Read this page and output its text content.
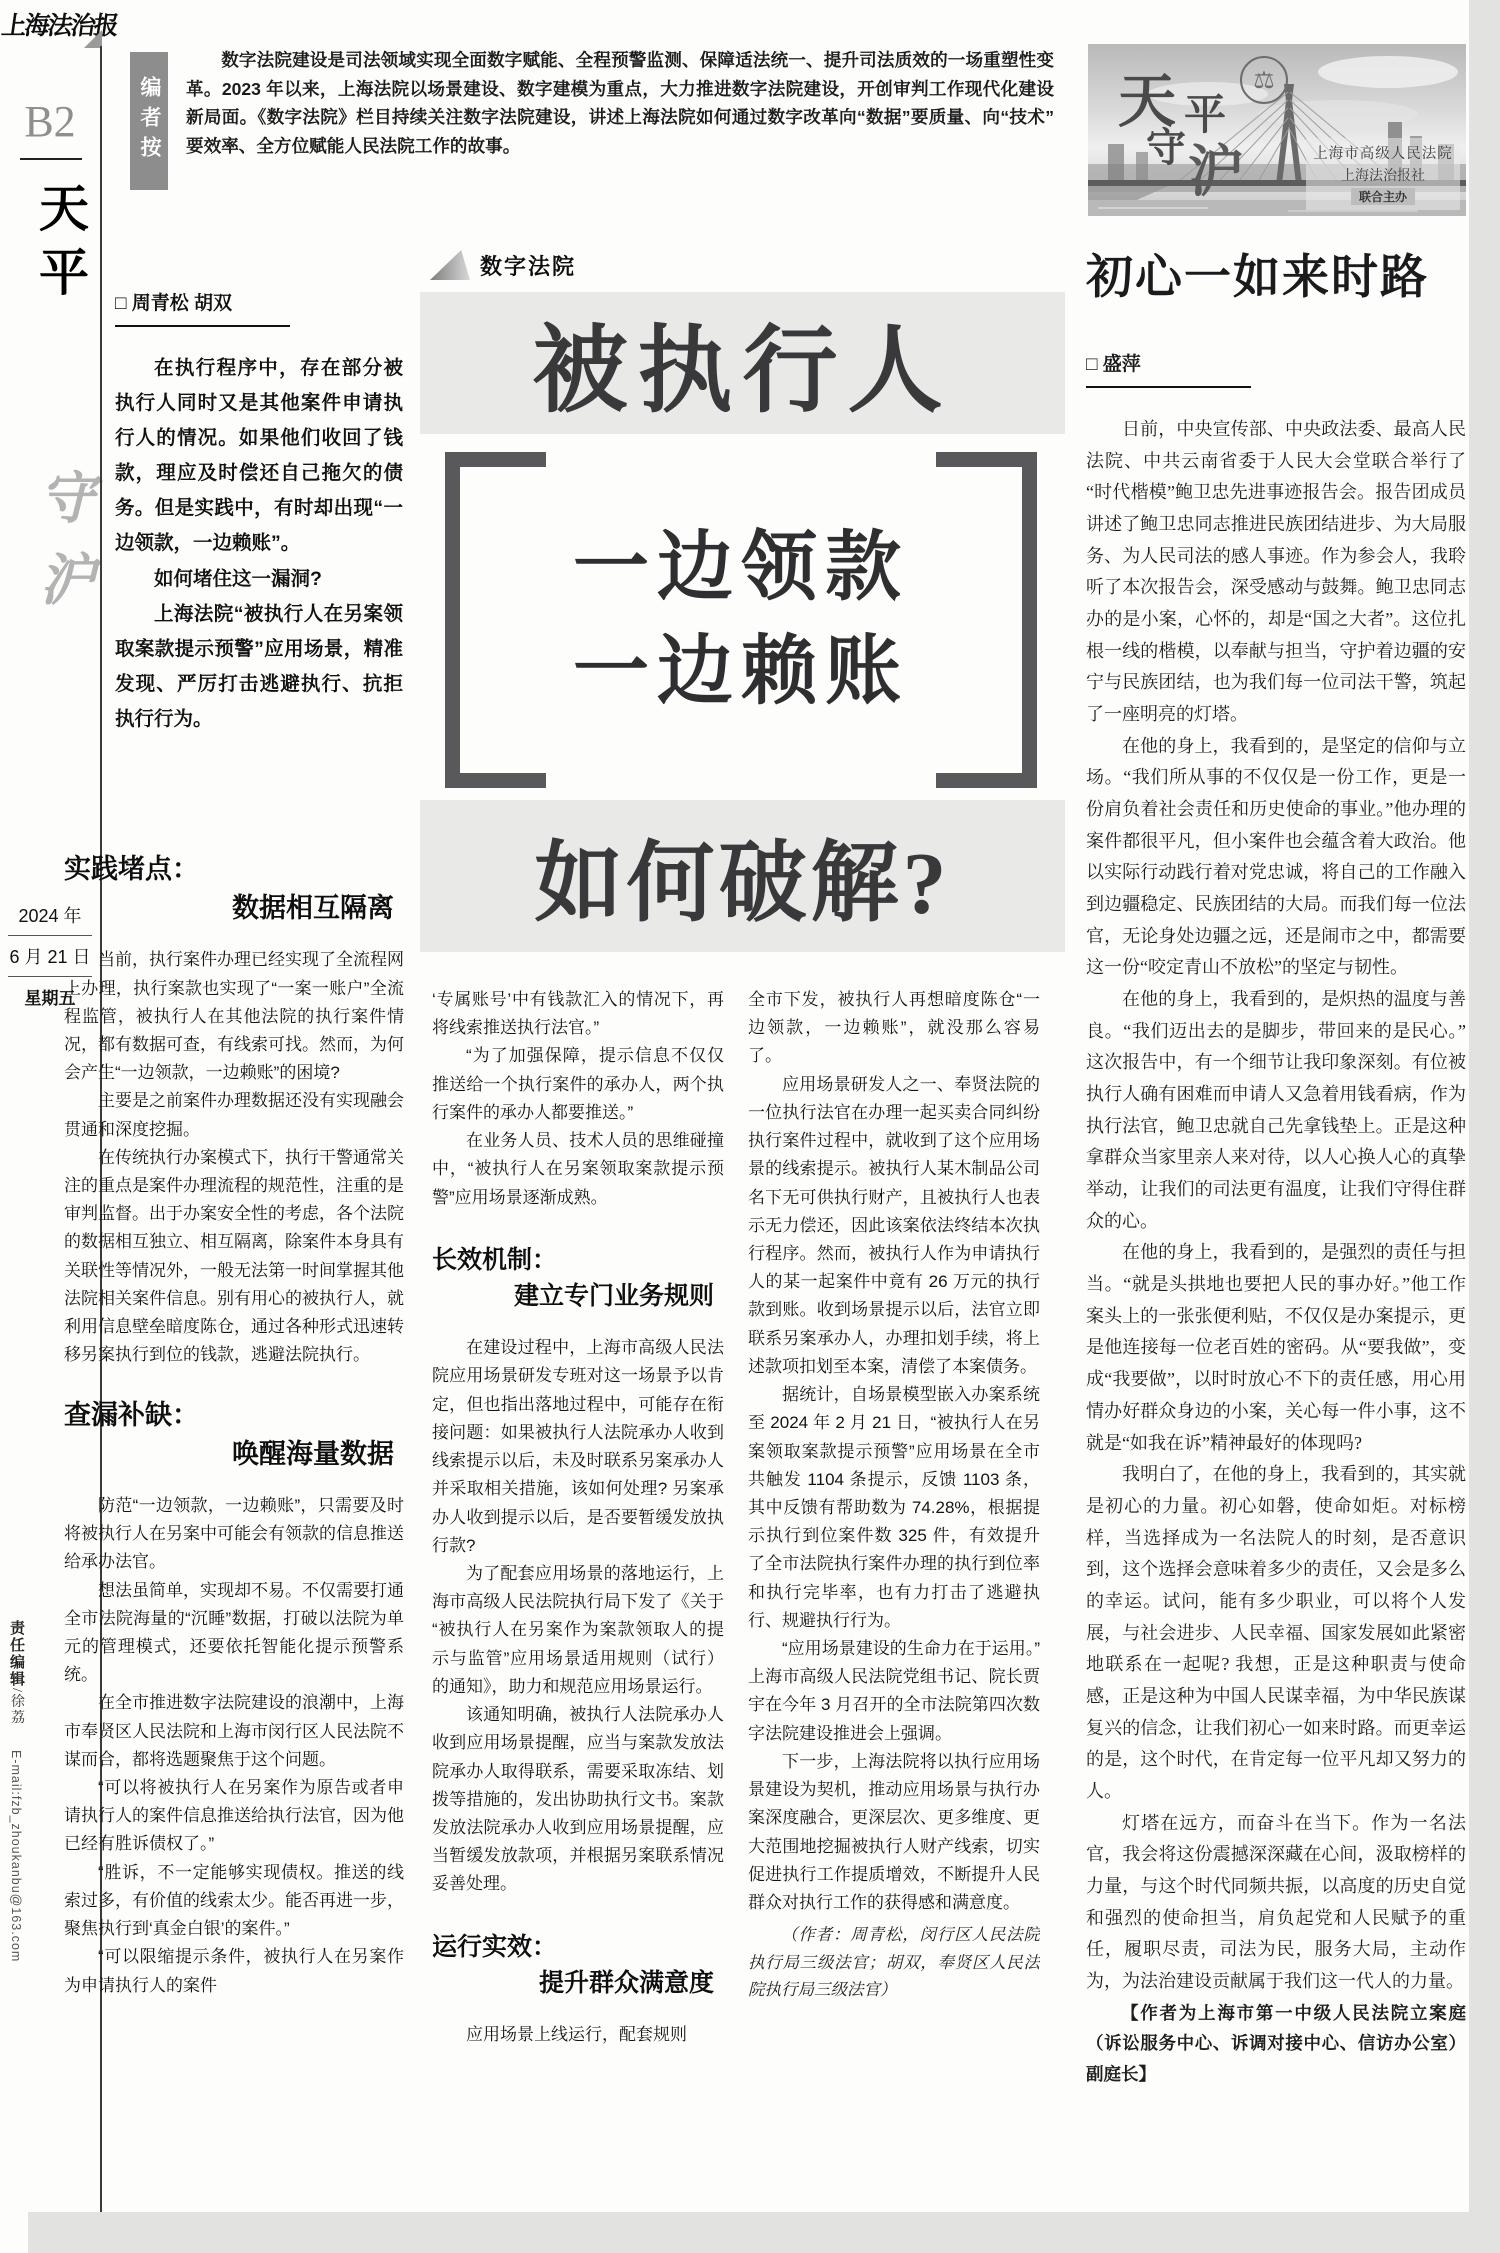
上海法治报
B2
天平
守沪
2024 年
6 月 21 日
星期五
责任编辑/徐荔 E-mail:fzb_zhoukanbu@163.com
编者按
数字法院建设是司法领域实现全面数字赋能、全程预警监测、保障适法统一、提升司法质效的一场重塑性变革。2023 年以来，上海法院以场景建设、数字建模为重点，大力推进数字法院建设，开创审判工作现代化建设新局面。《数字法院》栏目持续关注数字法院建设，讲述上海法院如何通过数字改革向“数据”要质量、向“技术”要效率、全方位赋能人民法院工作的故事。
天 平
守 沪
⚖
上海市高级人民法院
上海法治报社
联合主办
□ 周青松 胡双

在执行程序中，存在部分被执行人同时又是其他案件申请执行人的情况。如果他们收回了钱款，理应及时偿还自己拖欠的债务。但是实践中，有时却出现“一边领款，一边赖账”。

如何堵住这一漏洞?

上海法院“被执行人在另案领取案款提示预警”应用场景，精准发现、严厉打击逃避执行、抗拒执行行为。

实践堵点：
数据相互隔离

当前，执行案件办理已经实现了全流程网上办理，执行案款也实现了“一案一账户”全流程监管，被执行人在其他法院的执行案件情况，都有数据可查，有线索可找。然而，为何会产生“一边领款，一边赖账”的困境?

主要是之前案件办理数据还没有实现融会贯通和深度挖掘。

在传统执行办案模式下，执行干警通常关注的重点是案件办理流程的规范性，注重的是审判监督。出于办案安全性的考虑，各个法院的数据相互独立、相互隔离，除案件本身具有关联性等情况外，一般无法第一时间掌握其他法院相关案件信息。别有用心的被执行人，就利用信息壁垒暗度陈仓，通过各种形式迅速转移另案执行到位的钱款，逃避法院执行。

查漏补缺：
唤醒海量数据

防范“一边领款，一边赖账”，只需要及时将被执行人在另案中可能会有领款的信息推送给承办法官。

想法虽简单，实现却不易。不仅需要打通全市法院海量的“沉睡”数据，打破以法院为单元的管理模式，还要依托智能化提示预警系统。

在全市推进数字法院建设的浪潮中，上海市奉贤区人民法院和上海市闵行区人民法院不谋而合，都将选题聚焦于这个问题。

“可以将被执行人在另案作为原告或者申请执行人的案件信息推送给执行法官，因为他已经有胜诉债权了。”

“胜诉，不一定能够实现债权。推送的线索过多，有价值的线索太少。能否再进一步，聚焦执行到‘真金白银’的案件。”

“可以限缩提示条件，被执行人在另案作为申请执行人的案件

数字法院
被执行人
一边领款
一边赖账
如何破解?

‘专属账号’中有钱款汇入的情况下，再将线索推送执行法官。”

“为了加强保障，提示信息不仅仅推送给一个执行案件的承办人，两个执行案件的承办人都要推送。”

在业务人员、技术人员的思维碰撞中，“被执行人在另案领取案款提示预警”应用场景逐渐成熟。

长效机制：
建立专门业务规则

在建设过程中，上海市高级人民法院应用场景研发专班对这一场景予以肯定，但也指出落地过程中，可能存在衔接问题：如果被执行人法院承办人收到线索提示以后，未及时联系另案承办人并采取相关措施，该如何处理? 另案承办人收到提示以后，是否要暂缓发放执行款?

为了配套应用场景的落地运行，上海市高级人民法院执行局下发了《关于“被执行人在另案作为案款领取人的提示与监管”应用场景适用规则（试行）的通知》，助力和规范应用场景运行。

该通知明确，被执行人法院承办人收到应用场景提醒，应当与案款发放法院承办人取得联系，需要采取冻结、划拨等措施的，发出协助执行文书。案款发放法院承办人收到应用场景提醒，应当暂缓发放款项，并根据另案联系情况妥善处理。

运行实效：
提升群众满意度

应用场景上线运行，配套规则

全市下发，被执行人再想暗度陈仓“一边领款，一边赖账”，就没那么容易了。

应用场景研发人之一、奉贤法院的一位执行法官在办理一起买卖合同纠纷执行案件过程中，就收到了这个应用场景的线索提示。被执行人某木制品公司名下无可供执行财产，且被执行人也表示无力偿还，因此该案依法终结本次执行程序。然而，被执行人作为申请执行人的某一起案件中竟有 26 万元的执行款到账。收到场景提示以后，法官立即联系另案承办人，办理扣划手续，将上述款项扣划至本案，清偿了本案债务。

据统计，自场景模型嵌入办案系统至 2024 年 2 月 21 日，“被执行人在另案领取案款提示预警”应用场景在全市共触发 1104 条提示，反馈 1103 条，其中反馈有帮助数为 74.28%，根据提示执行到位案件数 325 件，有效提升了全市法院执行案件办理的执行到位率和执行完毕率，也有力打击了逃避执行、规避执行行为。

“应用场景建设的生命力在于运用。”上海市高级人民法院党组书记、院长贾宇在今年 3 月召开的全市法院第四次数字法院建设推进会上强调。

下一步，上海法院将以执行应用场景建设为契机，推动应用场景与执行办案深度融合，更深层次、更多维度、更大范围地挖掘被执行人财产线索，切实促进执行工作提质增效，不断提升人民群众对执行工作的获得感和满意度。

（作者：周青松，闵行区人民法院执行局三级法官；胡双，奉贤区人民法院执行局三级法官）

初心一如来时路
□ 盛萍

日前，中央宣传部、中央政法委、最高人民法院、中共云南省委于人民大会堂联合举行了“时代楷模”鲍卫忠先进事迹报告会。报告团成员讲述了鲍卫忠同志推进民族团结进步、为大局服务、为人民司法的感人事迹。作为参会人，我聆听了本次报告会，深受感动与鼓舞。鲍卫忠同志办的是小案，心怀的，却是“国之大者”。这位扎根一线的楷模，以奉献与担当，守护着边疆的安宁与民族团结，也为我们每一位司法干警，筑起了一座明亮的灯塔。

在他的身上，我看到的，是坚定的信仰与立场。“我们所从事的不仅仅是一份工作，更是一份肩负着社会责任和历史使命的事业。”他办理的案件都很平凡，但小案件也会蕴含着大政治。他以实际行动践行着对党忠诚，将自己的工作融入到边疆稳定、民族团结的大局。而我们每一位法官，无论身处边疆之远，还是闹市之中，都需要这一份“咬定青山不放松”的坚定与韧性。

在他的身上，我看到的，是炽热的温度与善良。“我们迈出去的是脚步，带回来的是民心。”这次报告中，有一个细节让我印象深刻。有位被执行人确有困难而申请人又急着用钱看病，作为执行法官，鲍卫忠就自己先拿钱垫上。正是这种拿群众当家里亲人来对待，以人心换人心的真挚举动，让我们的司法更有温度，让我们守得住群众的心。

在他的身上，我看到的，是强烈的责任与担当。“就是头拱地也要把人民的事办好。”他工作案头上的一张张便利贴，不仅仅是办案提示，更是他连接每一位老百姓的密码。从“要我做”，变成“我要做”，以时时放心不下的责任感，用心用情办好群众身边的小案，关心每一件小事，这不就是“如我在诉”精神最好的体现吗?

我明白了，在他的身上，我看到的，其实就是初心的力量。初心如磐，使命如炬。对标榜样，当选择成为一名法院人的时刻，是否意识到，这个选择会意味着多少的责任，又会是多么的幸运。试问，能有多少职业，可以将个人发展，与社会进步、人民幸福、国家发展如此紧密地联系在一起呢? 我想，正是这种职责与使命感，正是这种为中国人民谋幸福，为中华民族谋复兴的信念，让我们初心一如来时路。而更幸运的是，这个时代，在肯定每一位平凡却又努力的人。

灯塔在远方，而奋斗在当下。作为一名法官，我会将这份震撼深深藏在心间，汲取榜样的力量，与这个时代同频共振，以高度的历史自觉和强烈的使命担当，肩负起党和人民赋予的重任，履职尽责，司法为民，服务大局，主动作为，为法治建设贡献属于我们这一代人的力量。

【作者为上海市第一中级人民法院立案庭（诉讼服务中心、诉调对接中心、信访办公室）副庭长】
